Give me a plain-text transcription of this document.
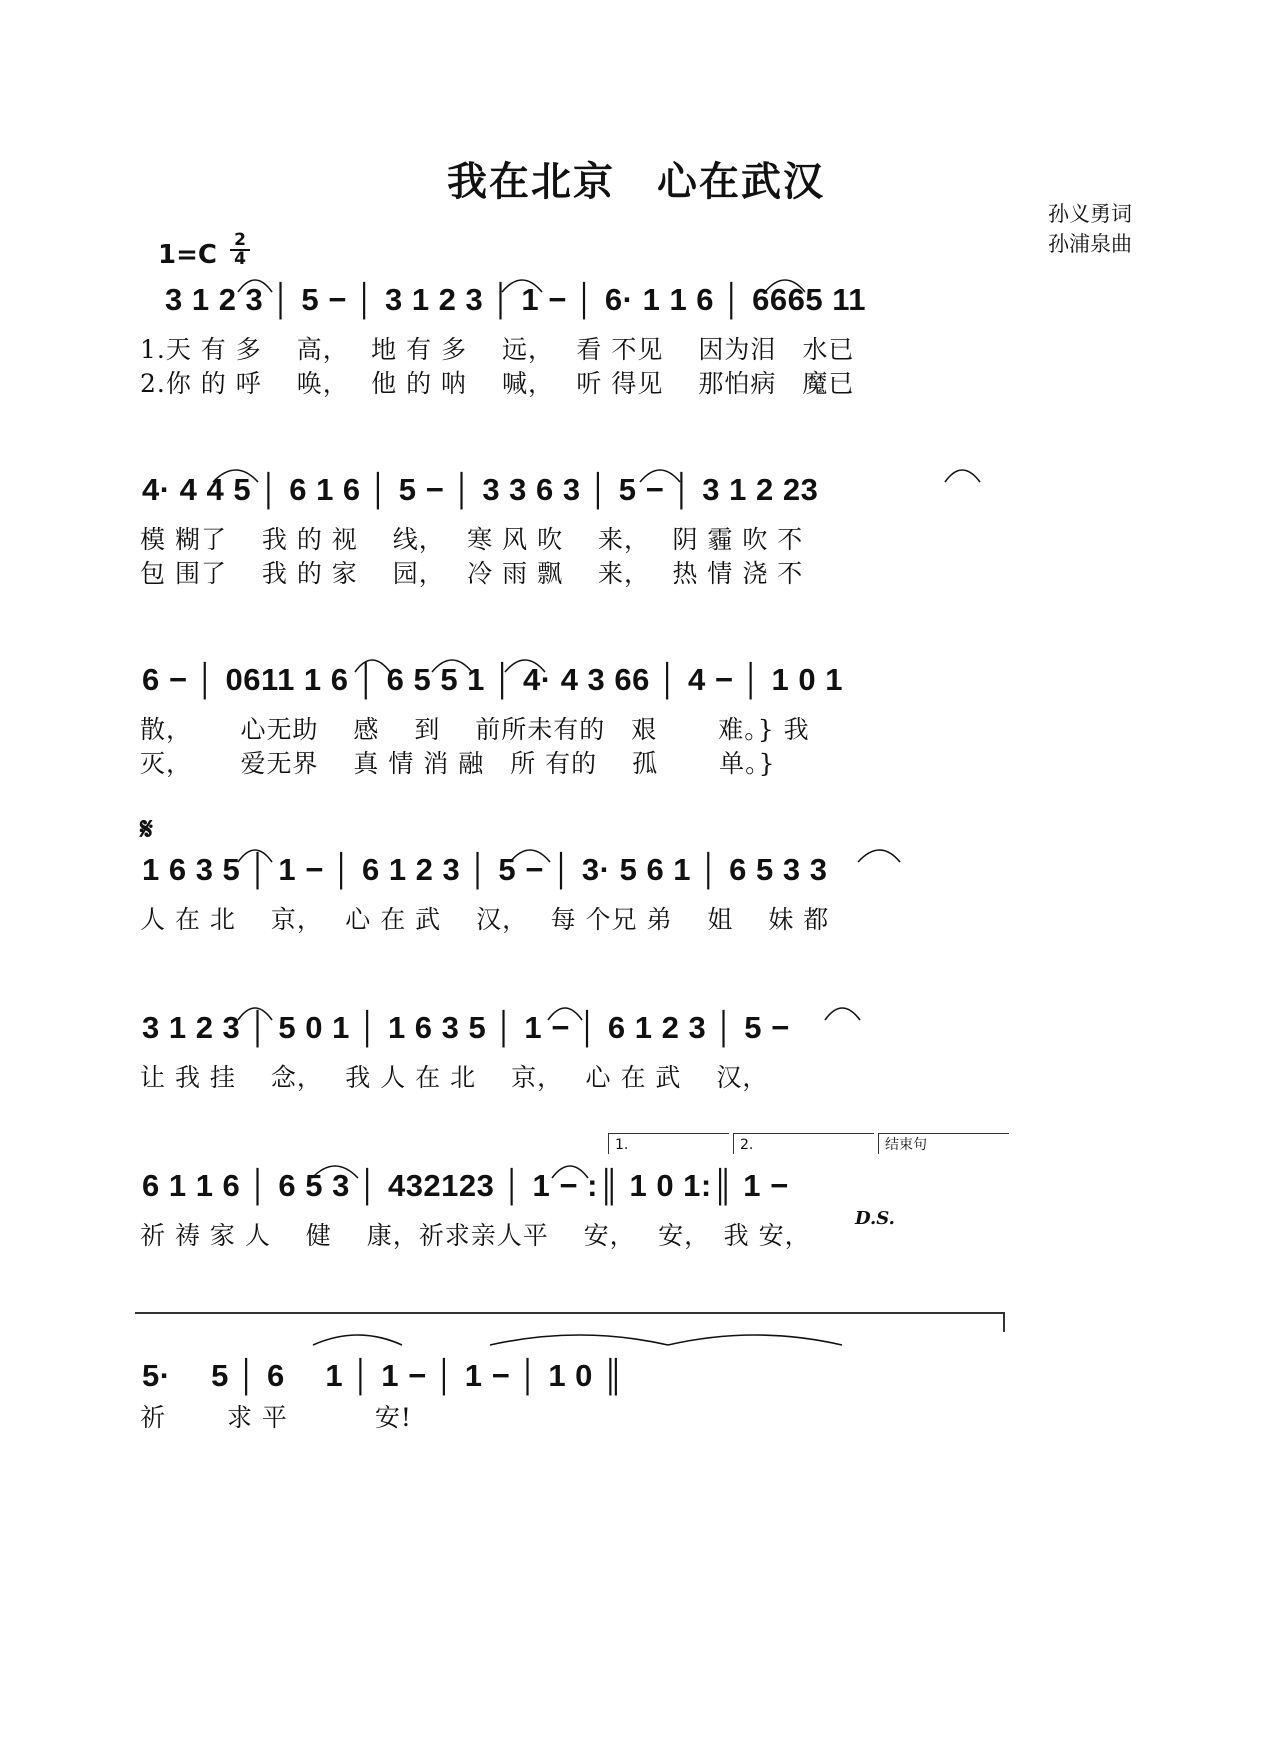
我在北京　心在武汉
孙义勇词
孙浦泉曲
1=C 2
4
3 1 2 3 │ 5 − │ 3 1 2 3 │ 1 − │ 6· 1 1 6 │ 6665 11
1.天 有 多　 高，　 地 有 多　 远，　 看 不见　 因为泪　水已
2.你 的 呼　 唤，　 他 的 呐　 喊，　 听 得见　 那怕病　魔已
4· 4 4 5 │ 6 1 6 │ 5 − │ 3 3 6 3 │ 5 − │ 3 1 2 23
模 糊了　 我 的 视　 线，　 寒 风 吹　 来，　 阴 霾 吹 不
包 围了　 我 的 家　 园，　 冷 雨 飘　 来，　 热 情 浇 不
6 − │ 0611 1 6 │ 6 5 5 1 │ 4· 4 3 66 │ 4 − │ 1 0 1
散，　　 心无助　 感　 到　 前所未有的　艰　　 难。} 我
灭，　　 爱无界　 真 情 消 融　所 有的　 孤　　 单。}
𝄋
1 6 3 5 │ 1 − │ 6 1 2 3 │ 5 − │ 3· 5 6 1 │ 6 5 3 3
人 在 北　 京，　 心 在 武　 汉，　 每 个兄 弟　 姐　 妹 都
3 1 2 3 │ 5 0 1 │ 1 6 3 5 │ 1 − │ 6 1 2 3 │ 5 −
让 我 挂　 念，　 我 人 在 北　 京，　 心 在 武　 汉，
1.	2.	结束句
6 1 1 6 │ 6 5 3 │ 432123 │ 1 − :║ 1 0 1:║ 1 −
祈 祷 家 人　 健　 康，祈求亲人平　 安，　 安，　我 安，
D.S.
5·　 5 │ 6　 1 │ 1 − │ 1 − │ 1 0 ║
祈　　 求 平　　　 安!
